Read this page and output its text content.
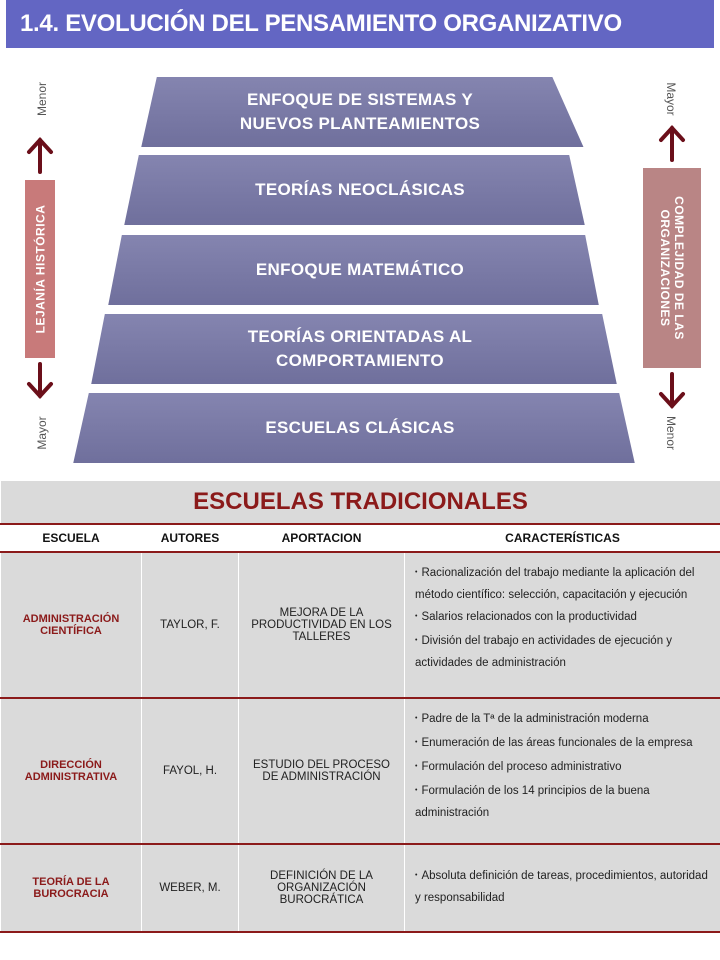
1.4. EVOLUCIÓN DEL PENSAMIENTO ORGANIZATIVO
ENFOQUE DE SISTEMAS Y
NUEVOS PLANTEAMIENTOS
TEORÍAS NEOCLÁSICAS
ENFOQUE MATEMÁTICO
TEORÍAS ORIENTADAS AL
COMPORTAMIENTO
ESCUELAS CLÁSICAS
Menor
LEJANÍA HISTÓRICA
Mayor
Mayor
COMPLEJIDAD DE LAS
ORGANIZACIONES
Menor
ESCUELAS TRADICIONALES			
ESCUELA	AUTORES	APORTACION	CARACTERÍSTICAS
ADMINISTRACIÓN CIENTÍFICA	TAYLOR, F.	MEJORA DE LA PRODUCTIVIDAD EN LOS TALLERES	• Racionalización del trabajo mediante la aplicación del método científico: selección, capacitación y ejecución
• Salarios relacionados con la productividad
• División del trabajo en actividades de ejecución y actividades de administración

DIRECCIÓN ADMINISTRATIVA	FAYOL, H.	ESTUDIO DEL PROCESO DE ADMINISTRACIÓN	• Padre de la Tª de la administración moderna
• Enumeración de las áreas funcionales de la empresa
• Formulación del proceso administrativo
• Formulación de los 14 principios de la buena administración

TEORÍA DE LA BUROCRACIA	WEBER, M.	DEFINICIÓN DE LA ORGANIZACIÓN BUROCRÁTICA	• Absoluta definición de tareas, procedimientos, autoridad y responsabilidad
